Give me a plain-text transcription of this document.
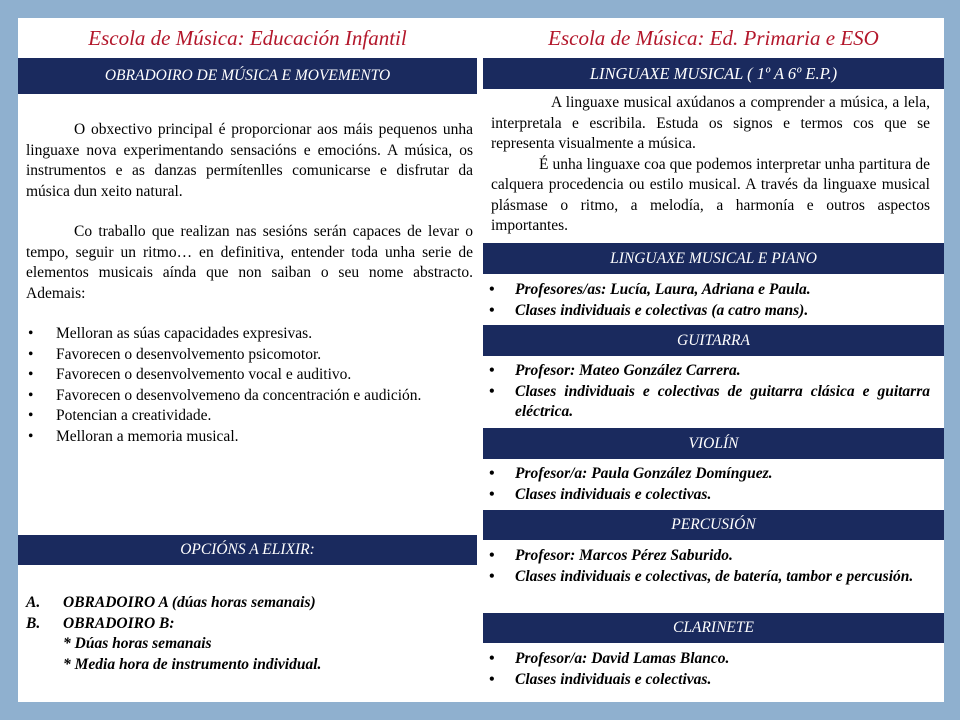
Escola de Música: Educación Infantil
OBRADOIRO DE MÚSICA E MOVEMENTO

O obxectivo principal é proporcionar aos máis pequenos unha linguaxe nova experimentando sensacións e emocións. A música, os instrumentos e as danzas permítenlles comunicarse e disfrutar da música dun xeito natural.

Co traballo que realizan nas sesións serán capaces de levar o tempo, seguir un ritmo… en definitiva, entender toda unha serie de elementos musicais aínda que non saiban o seu nome abstracto. Ademais:

• Melloran as súas capacidades expresivas.
• Favorecen o desenvolvemento psicomotor.
• Favorecen o desenvolvemento vocal e auditivo.
• Favorecen o desenvolvemeno da concentración e audición.
• Potencian a creatividade.
• Melloran a memoria musical.
OPCIÓNS A ELIXIR:
A.	OBRADOIRO A (dúas horas semanais)
B.	OBRADOIRO B:
* Dúas horas semanais
* Media hora de instrumento individual.
Escola de Música: Ed. Primaria e ESO
LINGUAXE MUSICAL ( 1º A 6º E.P.)

A linguaxe musical axúdanos a comprender a música, a lela, interpretala e escribila. Estuda os signos e termos cos que se representa visualmente a música.

É unha linguaxe coa que podemos interpretar unha partitura de calquera procedencia ou estilo musical. A través da linguaxe musical plásmase o ritmo, a melodía, a harmonía e outros aspectos importantes.

LINGUAXE MUSICAL E PIANO
• Profesores/as: Lucía, Laura, Adriana e Paula.
• Clases individuais e colectivas (a catro mans).
GUITARRA
• Profesor: Mateo González Carrera.
• Clases individuais e colectivas de guitarra clásica e guitarra eléctrica.
VIOLÍN
• Profesor/a: Paula González Domínguez.
• Clases individuais e colectivas.
PERCUSIÓN
• Profesor: Marcos Pérez Saburido.
• Clases individuais e colectivas, de batería, tambor e percusión.
CLARINETE
• Profesor/a: David Lamas Blanco.
• Clases individuais e colectivas.
